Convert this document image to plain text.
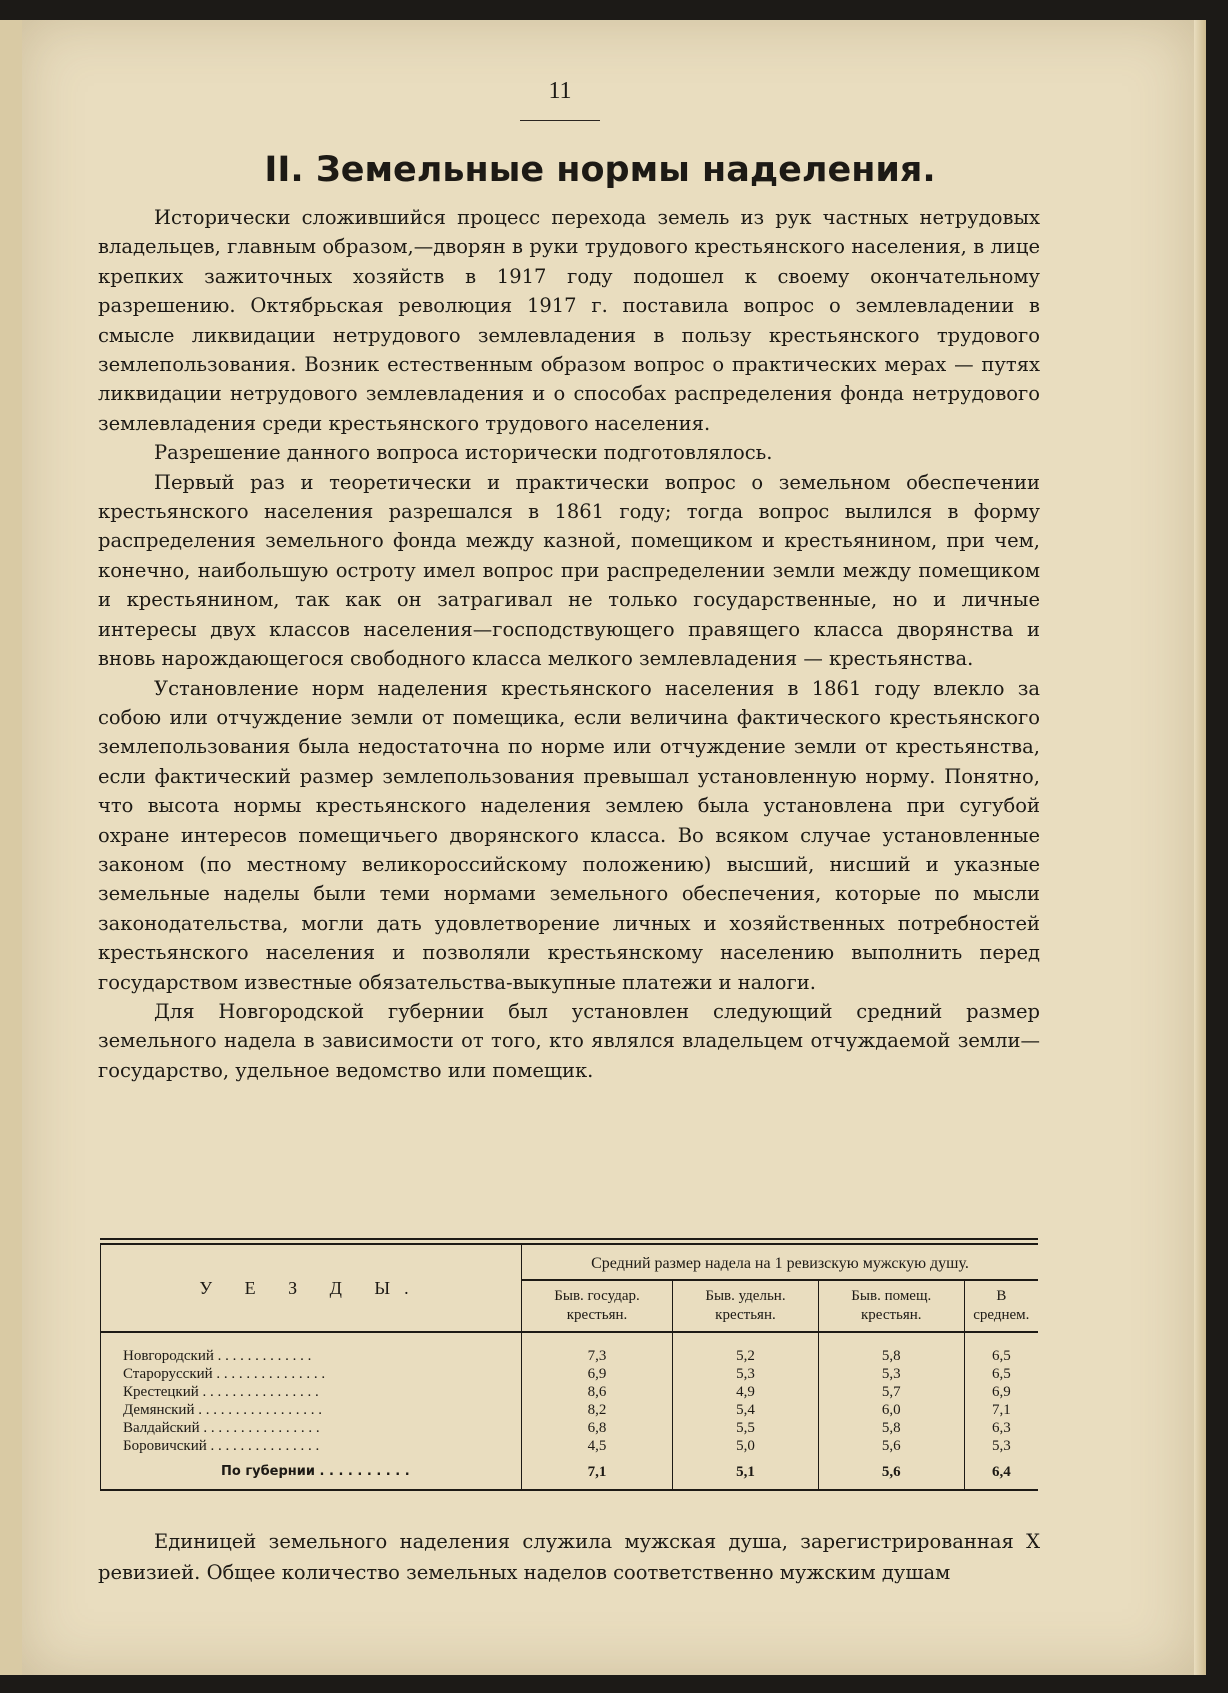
11
II. Земельные нормы наделения.

Исторически сложившийся процесс перехода земель из рук частных нетрудовых владельцев, главным образом,—дворян в руки трудового крестьянского населения, в лице крепких зажиточных хозяйств в 1917 году подошел к своему окончательному разрешению. Октябрьская революция 1917 г. поставила вопрос о землевладении в смысле ликвидации нетрудового землевладения в пользу крестьянского трудового землепользования. Возник естественным образом вопрос о практических мерах — путях ликвидации нетрудового землевладения и о способах распределения фонда нетрудового землевладения среди крестьянского трудового населения.

Разрешение данного вопроса исторически подготовлялось.

Первый раз и теоретически и практически вопрос о земельном обеспечении крестьянского населения разрешался в 1861 году; тогда вопрос вылился в форму распределения земельного фонда между казной, помещиком и крестьянином, при чем, конечно, наибольшую остроту имел вопрос при распределении земли между помещиком и крестьянином, так как он затрагивал не только государственные, но и личные интересы двух классов населения—господствующего правящего класса дворянства и вновь нарождающегося свободного класса мелкого землевладения — крестьянства.

Установление норм наделения крестьянского населения в 1861 году влекло за собою или отчуждение земли от помещика, если величина фактического крестьянского землепользования была недостаточна по норме или отчуждение земли от крестьянства, если фактический размер землепользования превышал установленную норму. Понятно, что высота нормы крестьянского наделения землею была установлена при сугубой охране интересов помещичьего дворянского класса. Во всяком случае установленные законом (по местному великороссийскому положению) высший, нисший и указные земельные наделы были теми нормами земельного обеспечения, которые по мысли законодательства, могли дать удовлетворение личных и хозяйственных потребностей крестьянского населения и позволяли крестьянскому населению выполнить перед государством известные обязательства-выкупные платежи и налоги.

Для Новгородской губернии был установлен следующий средний размер земельного надела в зависимости от того, кто являлся владельцем отчуждаемой земли—государство, удельное ведомство или помещик.

У Е З Д Ы.	Средний размер надела на 1 ревизскую мужскую душу.			
	Быв. государ. крестьян.	Быв. удельн. крестьян.	Быв. помещ. крестьян.	В среднем.
Новгородский . . . . . . . . . . . . .	7,3	5,2	5,8	6,5
Старорусский . . . . . . . . . . . . . . .	6,9	5,3	5,3	6,5
Крестецкий . . . . . . . . . . . . . . . .	8,6	4,9	5,7	6,9
Демянский . . . . . . . . . . . . . . . . .	8,2	5,4	6,0	7,1
Валдайский . . . . . . . . . . . . . . . .	6,8	5,5	5,8	6,3
Боровичский . . . . . . . . . . . . . . .	4,5	5,0	5,6	5,3
По губернии . . . . . . . . . .	7,1	5,1	5,6	6,4

Единицей земельного наделения служила мужская душа, зарегистрированная X ревизией. Общее количество земельных наделов соответственно мужским душам
